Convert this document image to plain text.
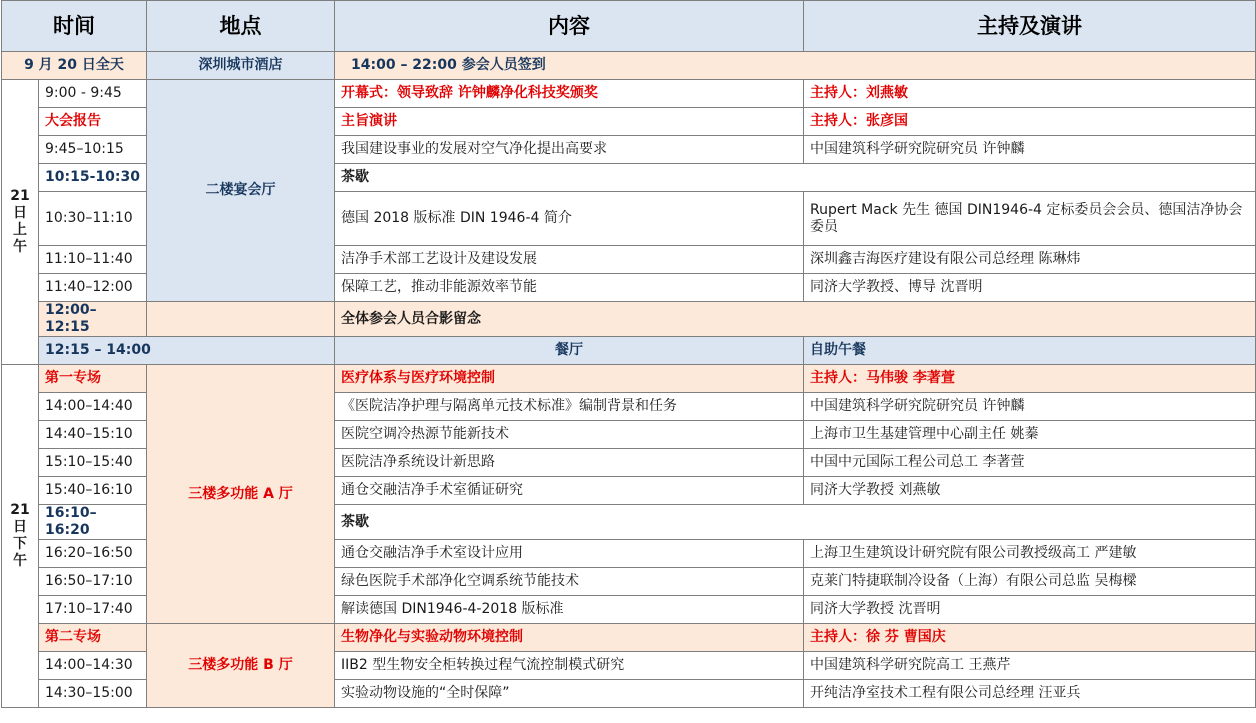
时间		地点	内容	主持及演讲
9 月 20 日全天		深圳城市酒店	14:00 – 22:00 参会人员签到	

21
日
上
午	9:00 - 9:45	二楼宴会厅	开幕式：领导致辞 许钟麟净化科技奖颁奖	主持人：刘燕敏
	大会报告		主旨演讲	主持人：张彦国
	9:45–10:15		我国建设事业的发展对空气净化提出高要求	中国建筑科学研究院研究员 许钟麟
	10:15-10:30		茶歇	
	10:30–11:10		德国 2018 版标准 DIN 1946-4 简介	Rupert Mack 先生 德国 DIN1946-4 定标委员会会员、德国洁净协会委员
	11:10–11:40		洁净手术部工艺设计及建设发展	深圳鑫吉海医疗建设有限公司总经理 陈琳炜
	11:40–12:00		保障工艺，推动非能源效率节能	同济大学教授、博导 沈晋明
	12:00–12:15		全体参会人员合影留念	
	12:15 – 14:00		餐厅	自助午餐

21
日
下
午	第一专场	三楼多功能 A 厅	医疗体系与医疗环境控制	主持人：马伟骏 李著萱
	14:00–14:40		《医院洁净护理与隔离单元技术标准》编制背景和任务	中国建筑科学研究院研究员 许钟麟
	14:40–15:10		医院空调冷热源节能新技术	上海市卫生基建管理中心副主任 姚蓁
	15:10–15:40		医院洁净系统设计新思路	中国中元国际工程公司总工 李著萱
	15:40–16:10		通仓交融洁净手术室循证研究	同济大学教授 刘燕敏
	16:10–16:20		茶歇	
	16:20–16:50		通仓交融洁净手术室设计应用	上海卫生建筑设计研究院有限公司教授级高工 严建敏
	16:50–17:10		绿色医院手术部净化空调系统节能技术	克莱门特捷联制冷设备（上海）有限公司总监 吴梅樑
	17:10–17:40		解读德国 DIN1946-4-2018 版标准	同济大学教授 沈晋明
	第二专场	三楼多功能 B 厅	生物净化与实验动物环境控制	主持人：徐 芬 曹国庆
	14:00–14:30		IIB2 型生物安全柜转换过程气流控制模式研究	中国建筑科学研究院高工 王燕芹
	14:30–15:00		实验动物设施的“全时保障”	开纯洁净室技术工程有限公司总经理 汪亚兵
